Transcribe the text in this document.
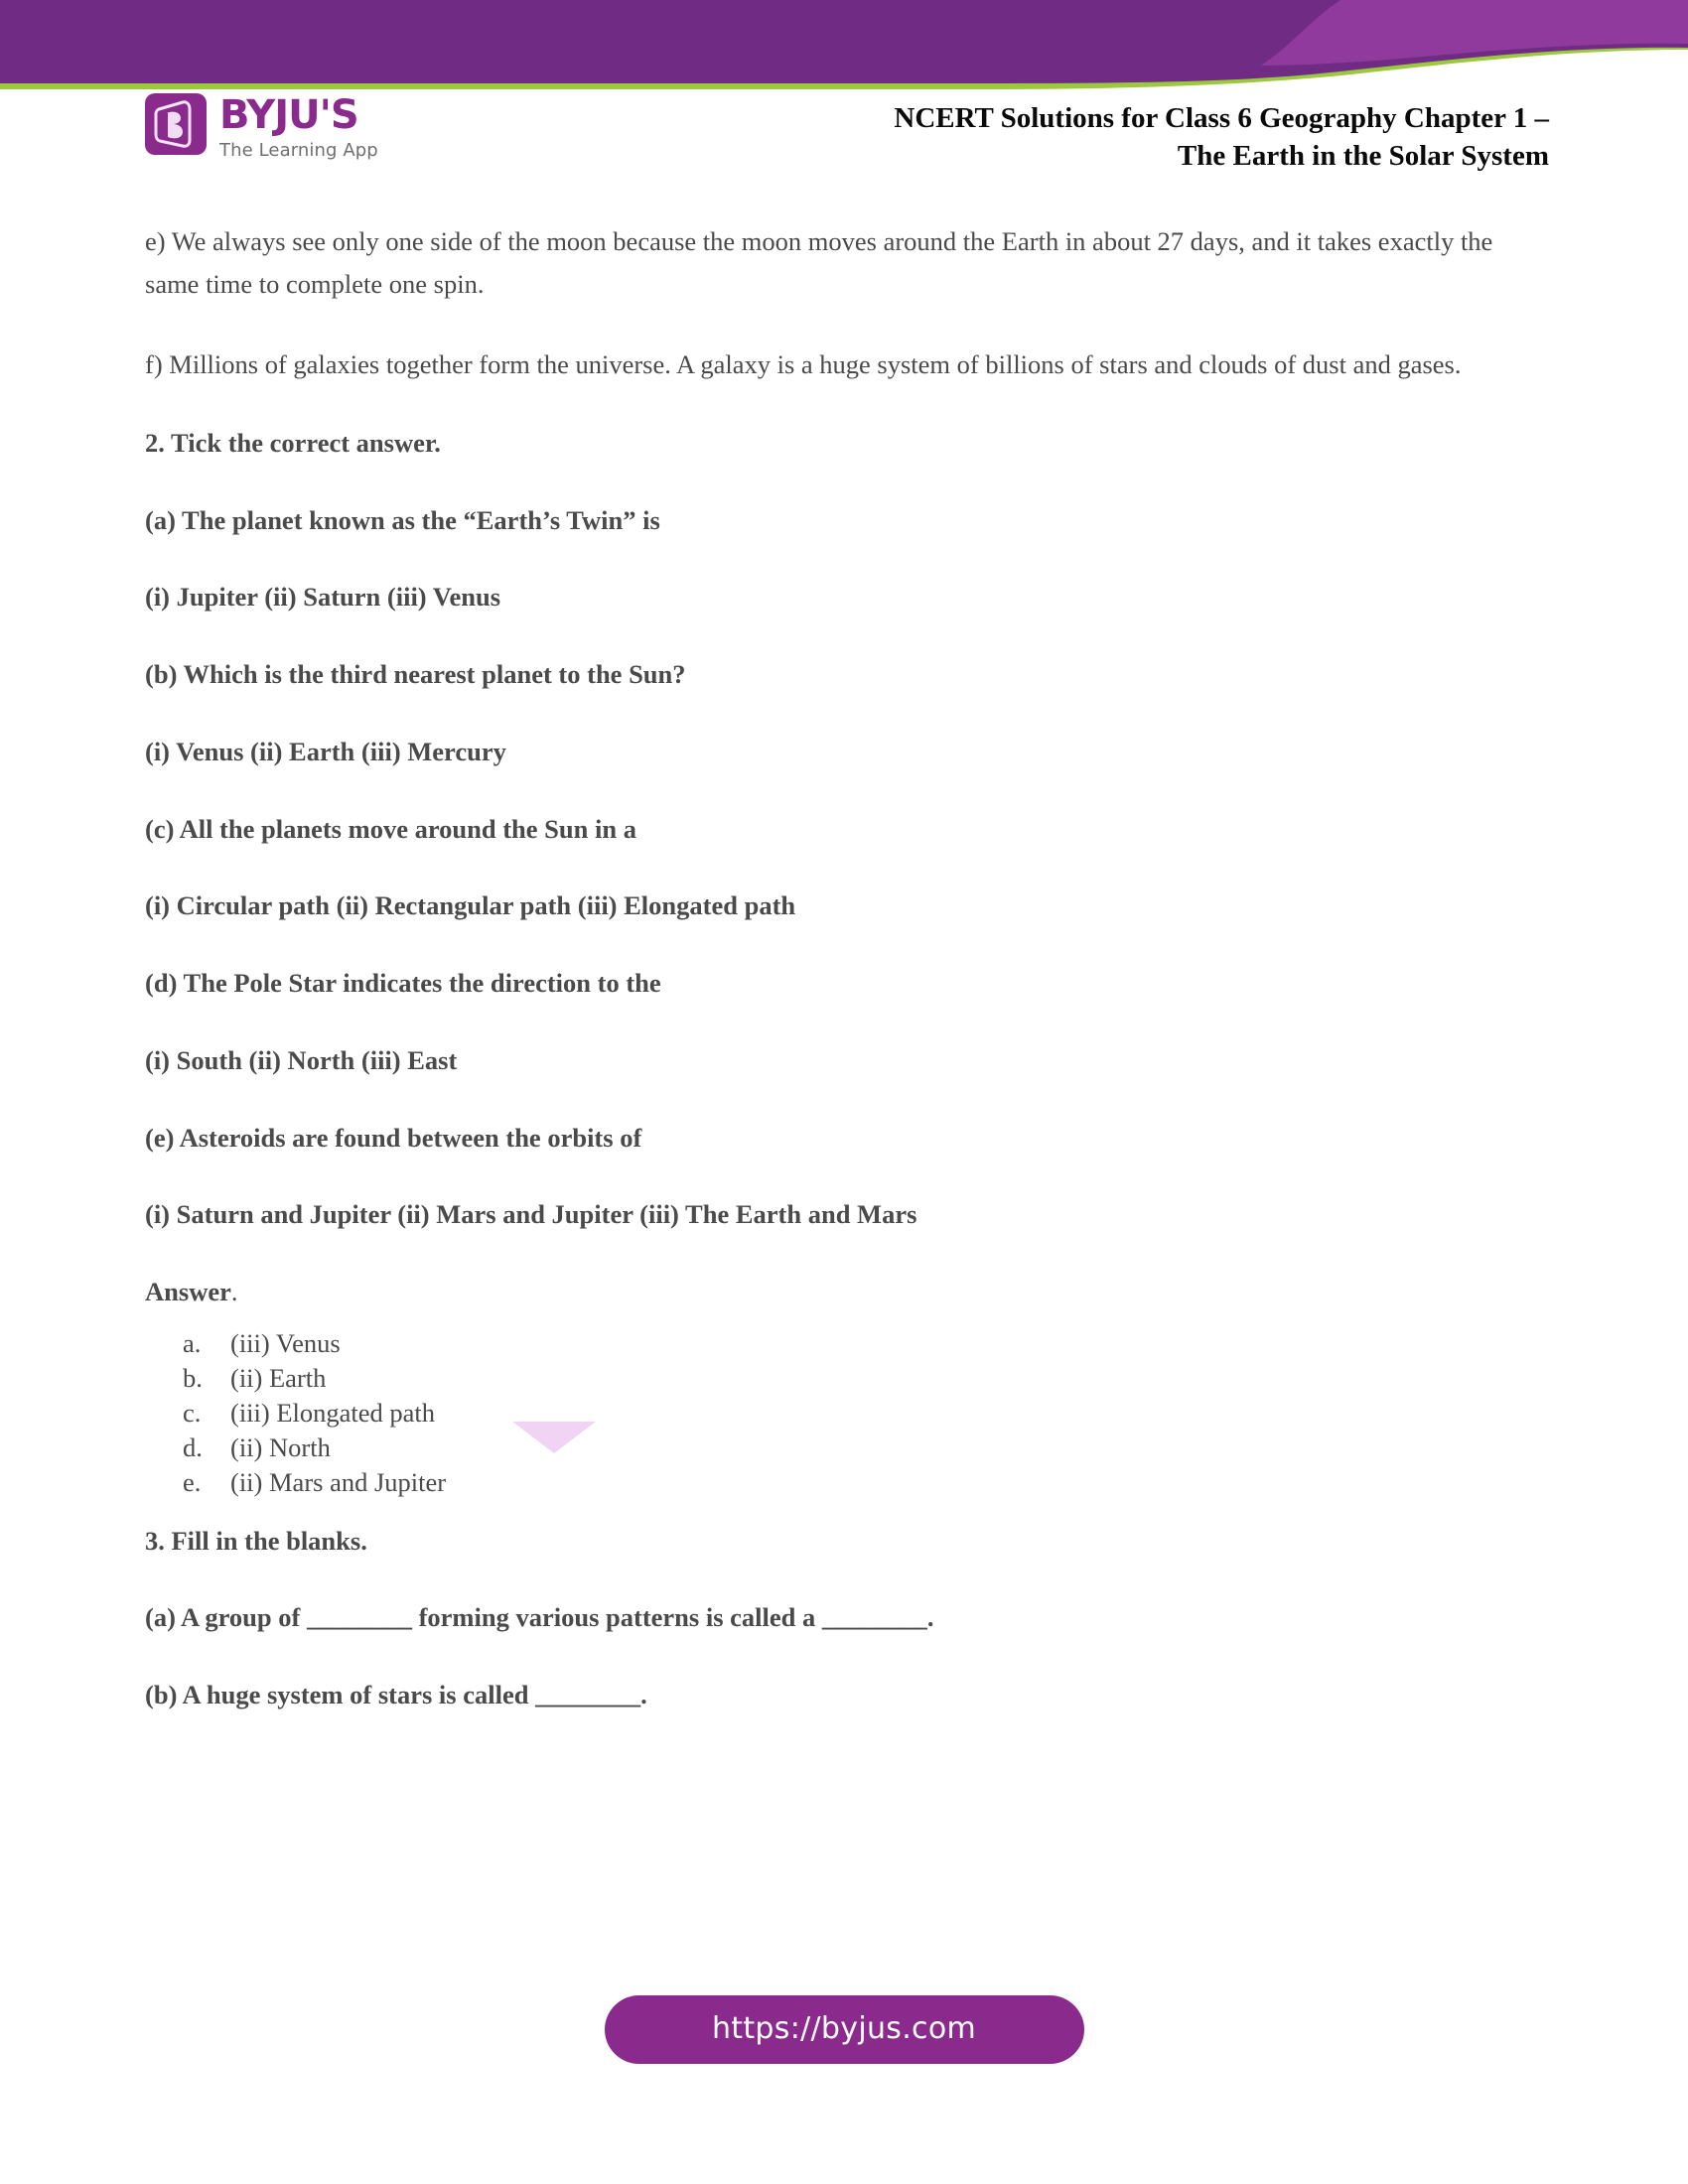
BYJU'S
The Learning App
NCERT Solutions for Class 6 Geography Chapter 1 –
The Earth in the Solar System

e) We always see only one side of the moon because the moon moves around the Earth in about 27 days, and it takes exactly the same time to complete one spin.

f) Millions of galaxies together form the universe. A galaxy is a huge system of billions of stars and clouds of dust and gases.

2. Tick the correct answer.

(a) The planet known as the “Earth’s Twin” is

(i) Jupiter (ii) Saturn (iii) Venus

(b) Which is the third nearest planet to the Sun?

(i) Venus (ii) Earth (iii) Mercury

(c) All the planets move around the Sun in a

(i) Circular path (ii) Rectangular path (iii) Elongated path

(d) The Pole Star indicates the direction to the

(i) South (ii) North (iii) East

(e) Asteroids are found between the orbits of

(i) Saturn and Jupiter (ii) Mars and Jupiter (iii) The Earth and Mars

Answer.

a.	(iii) Venus
b.	(ii) Earth
c.	(iii) Elongated path
d.	(ii) North
e.	(ii) Mars and Jupiter
3. Fill in the blanks.

(a) A group of ________ forming various patterns is called a ________.

(b) A huge system of stars is called ________.

https://byjus.com
